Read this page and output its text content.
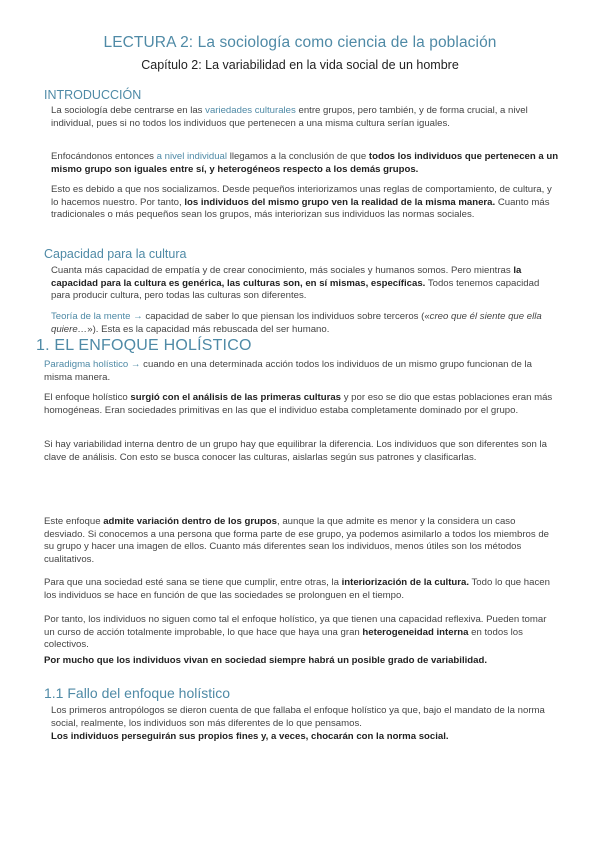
LECTURA 2: La sociología como ciencia de la población
Capítulo 2: La variabilidad en la vida social de un hombre
INTRODUCCIÓN
La sociología debe centrarse en las variedades culturales entre grupos, pero también, y de forma crucial, a nivel individual, pues si no todos los individuos que pertenecen a una misma cultura serían iguales.
Enfocándonos entonces a nivel individual llegamos a la conclusión de que todos los individuos que pertenecen a un mismo grupo son iguales entre sí, y heterogéneos respecto a los demás grupos.
Esto es debido a que nos socializamos. Desde pequeños interiorizamos unas reglas de comportamiento, de cultura, y lo hacemos nuestro. Por tanto, los individuos del mismo grupo ven la realidad de la misma manera. Cuanto más tradicionales o más pequeños sean los grupos, más interiorizan sus individuos las normas sociales.
Capacidad para la cultura
Cuanta más capacidad de empatía y de crear conocimiento, más sociales y humanos somos. Pero mientras la capacidad para la cultura es genérica, las culturas son, en sí mismas, específicas. Todos tenemos capacidad para producir cultura, pero todas las culturas son diferentes.
Teoría de la mente → capacidad de saber lo que piensan los individuos sobre terceros («creo que él siente que ella quiere…»). Esta es la capacidad más rebuscada del ser humano.
1. EL ENFOQUE HOLÍSTICO
Paradigma holístico → cuando en una determinada acción todos los individuos de un mismo grupo funcionan de la misma manera.
El enfoque holístico surgió con el análisis de las primeras culturas y por eso se dio que estas poblaciones eran más homogéneas. Eran sociedades primitivas en las que el individuo estaba completamente dominado por el grupo.
Si hay variabilidad interna dentro de un grupo hay que equilibrar la diferencia. Los individuos que son diferentes son la clave de análisis. Con esto se busca conocer las culturas, aislarlas según sus patrones y clasificarlas.
Este enfoque admite variación dentro de los grupos, aunque la que admite es menor y la considera un caso desviado. Si conocemos a una persona que forma parte de ese grupo, ya podemos asimilarlo a todos los miembros de su grupo y hacer una imagen de ellos. Cuanto más diferentes sean los individuos, menos útiles son los métodos cualitativos.
Para que una sociedad esté sana se tiene que cumplir, entre otras, la interiorización de la cultura. Todo lo que hacen los individuos se hace en función de que las sociedades se prolonguen en el tiempo.
Por tanto, los individuos no siguen como tal el enfoque holístico, ya que tienen una capacidad reflexiva. Pueden tomar un curso de acción totalmente improbable, lo que hace que haya una gran heterogeneidad interna en todos los colectivos.
Por mucho que los individuos vivan en sociedad siempre habrá un posible grado de variabilidad.
1.1 Fallo del enfoque holístico
Los primeros antropólogos se dieron cuenta de que fallaba el enfoque holístico ya que, bajo el mandato de la norma social, realmente, los individuos son más diferentes de lo que pensamos.
Los individuos perseguirán sus propios fines y, a veces, chocarán con la norma social.
